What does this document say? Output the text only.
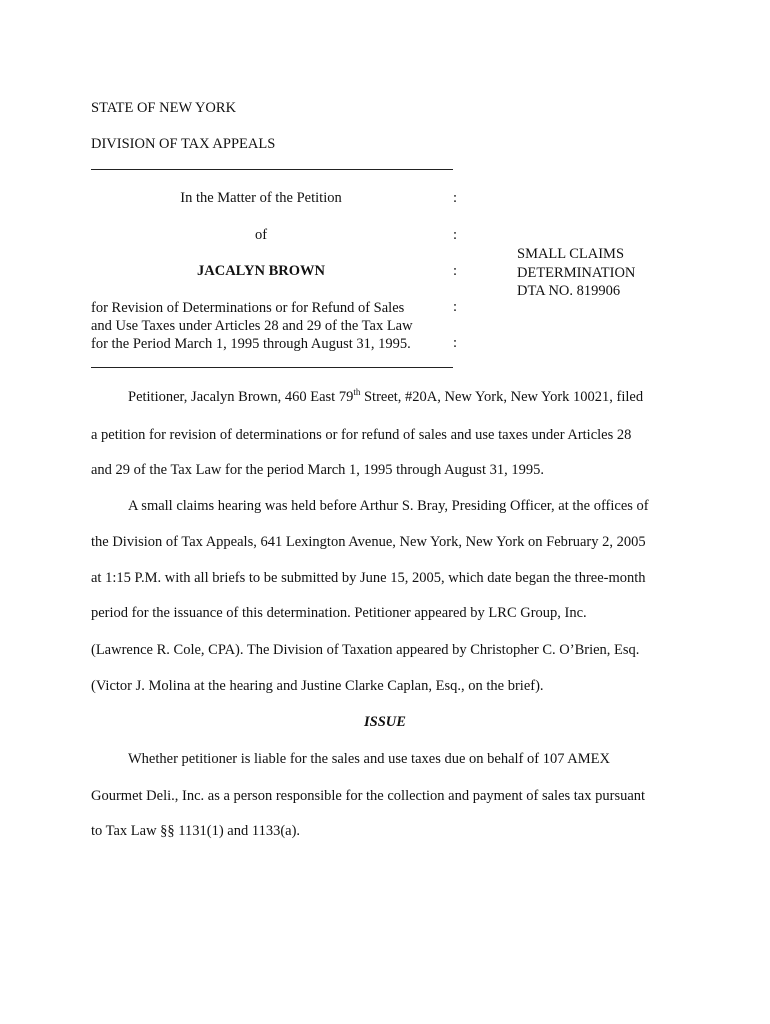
STATE OF NEW YORK
DIVISION OF TAX APPEALS
In the Matter of the Petition	:
of	:
JACALYN BROWN	:
for Revision of Determinations or for Refund of Sales
and Use Taxes under Articles 28 and 29 of the Tax Law
for the Period March 1, 1995 through August 31, 1995.
:
:
SMALL CLAIMS
DETERMINATION
DTA NO. 819906
Petitioner, Jacalyn Brown, 460 East 79th Street, #20A, New York, New York 10021, filed
a petition for revision of determinations or for refund of sales and use taxes under Articles 28
and 29 of the Tax Law for the period March 1, 1995 through August 31, 1995.
A small claims hearing was held before Arthur S. Bray, Presiding Officer, at the offices of
the Division of Tax Appeals, 641 Lexington Avenue, New York, New York on February 2, 2005
at 1:15 P.M. with all briefs to be submitted by June 15, 2005, which date began the three-month
period for the issuance of this determination. Petitioner appeared by LRC Group, Inc.
(Lawrence R. Cole, CPA). The Division of Taxation appeared by Christopher C. O’Brien, Esq.
(Victor J. Molina at the hearing and Justine Clarke Caplan, Esq., on the brief).
ISSUE
Whether petitioner is liable for the sales and use taxes due on behalf of 107 AMEX
Gourmet Deli., Inc. as a person responsible for the collection and payment of sales tax pursuant
to Tax Law §§ 1131(1) and 1133(a).
